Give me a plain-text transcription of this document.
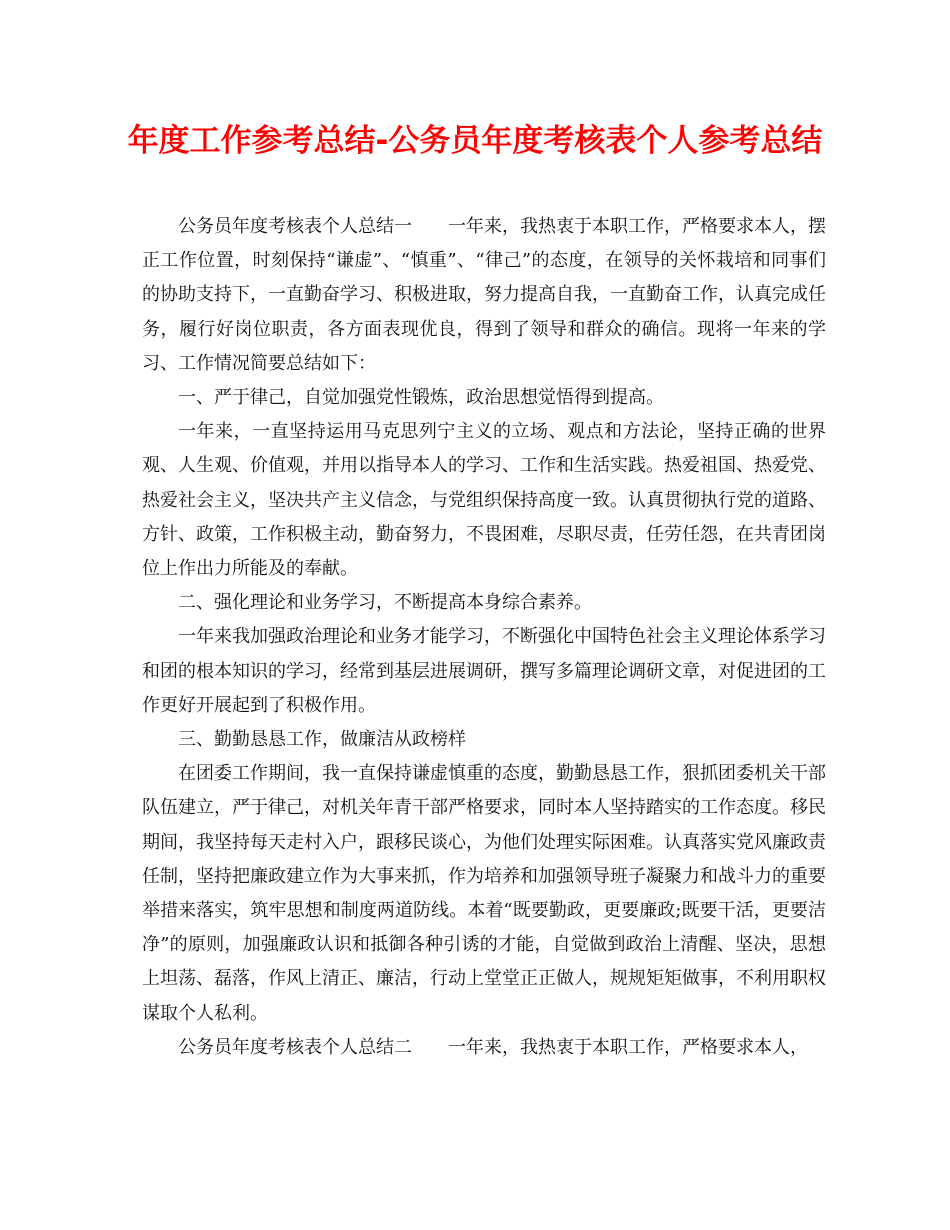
年度工作参考总结-公务员年度考核表个人参考总结

公务员年度考核表个人总结一 一年来，我热衷于本职工作，严格要求本人，摆正工作位置，时刻保持“谦虚”、“慎重”、“律己”的态度，在领导的关怀栽培和同事们的协助支持下，一直勤奋学习、积极进取，努力提高自我，一直勤奋工作，认真完成任务，履行好岗位职责，各方面表现优良，得到了领导和群众的确信。现将一年来的学习、工作情况简要总结如下：

一、严于律己，自觉加强党性锻炼，政治思想觉悟得到提高。

一年来，一直坚持运用马克思列宁主义的立场、观点和方法论，坚持正确的世界观、人生观、价值观，并用以指导本人的学习、工作和生活实践。热爱祖国、热爱党、热爱社会主义，坚决共产主义信念，与党组织保持高度一致。认真贯彻执行党的道路、方针、政策，工作积极主动，勤奋努力，不畏困难，尽职尽责，任劳任怨，在共青团岗位上作出力所能及的奉献。

二、强化理论和业务学习，不断提高本身综合素养。

一年来我加强政治理论和业务才能学习，不断强化中国特色社会主义理论体系学习和团的根本知识的学习，经常到基层进展调研，撰写多篇理论调研文章，对促进团的工作更好开展起到了积极作用。

三、勤勤恳恳工作，做廉洁从政榜样

在团委工作期间，我一直保持谦虚慎重的态度，勤勤恳恳工作，狠抓团委机关干部队伍建立，严于律己，对机关年青干部严格要求，同时本人坚持踏实的工作态度。移民期间，我坚持每天走村入户，跟移民谈心，为他们处理实际困难。认真落实党风廉政责任制，坚持把廉政建立作为大事来抓，作为培养和加强领导班子凝聚力和战斗力的重要举措来落实，筑牢思想和制度两道防线。本着“既要勤政，更要廉政;既要干活，更要洁净”的原则，加强廉政认识和抵御各种引诱的才能，自觉做到政治上清醒、坚决，思想上坦荡、磊落，作风上清正、廉洁，行动上堂堂正正做人，规规矩矩做事，不利用职权谋取个人私利。

公务员年度考核表个人总结二 一年来，我热衷于本职工作，严格要求本人，
